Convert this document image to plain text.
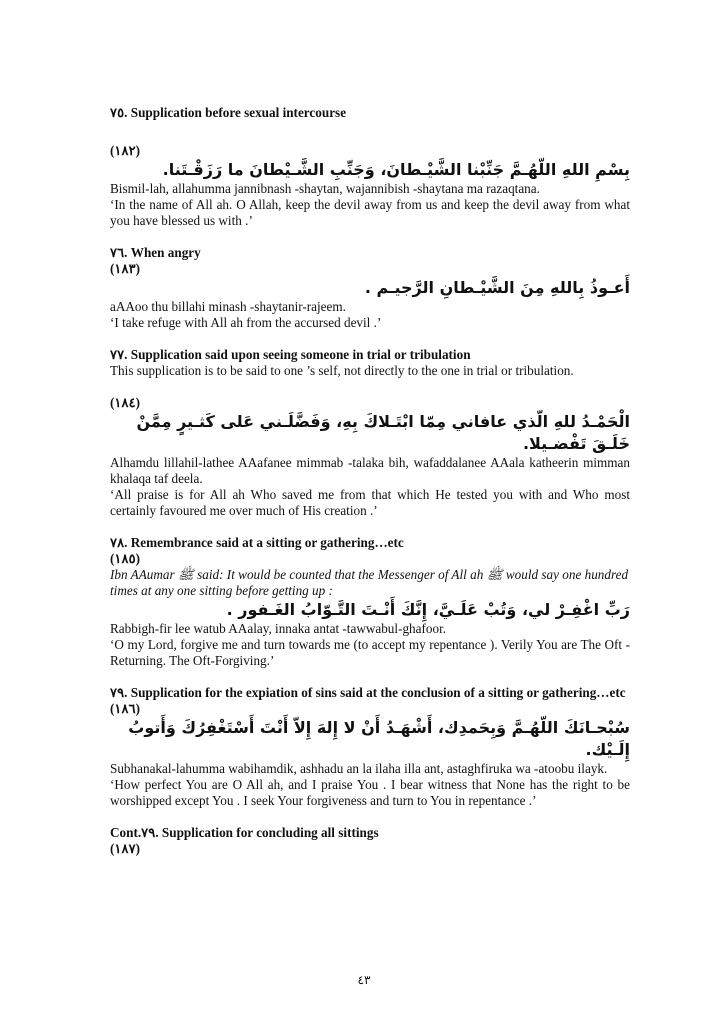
٧٥. Supplication before sexual intercourse

(١٨٢)

بِسْمِ اللهِ اللّهُـمَّ جَنِّبْنا الشَّيْـطانَ، وَجَنِّبِ الشَّـيْطانَ ما رَزَقْـتَنا.

Bismil-lah, allahumma jannibnash -shaytan, wajannibish -shaytana ma razaqtana.

‘In the name of All ah. O Allah, keep the devil away from us and keep the devil away from what you have blessed us with .’

٧٦. When angry

(١٨٣)

أَعـوذُ بِاللهِ مِنَ الشَّيْـطانِ الرَّجيـم .

aAAoo thu billahi minash -shaytanir-rajeem.

‘I take refuge with All ah from the accursed devil .’

٧٧. Supplication said upon seeing someone in trial or tribulation

This supplication is to be said to one ’s self, not directly to the one in trial or tribulation.

(١٨٤)

الْحَمْـدُ للهِ الّذي عافاني مِمّا ابْتَـلاكَ بِهِ، وَفَضَّلَـني عَلى كَثـيرٍ مِمَّنْ خَلَـقَ تَفْضـيلا.

Alhamdu lillahil-lathee AAafanee mimmab -talaka bih, wafaddalanee AAala katheerin mimman khalaqa taf deela.

‘All praise is for All ah Who saved me from that which He tested you with and Who most certainly favoured me over much of His creation .’

٧٨. Remembrance said at a sitting or gathering…etc

(١٨٥)

Ibn AAumar ﷺ said: It would be counted that the Messenger of All ah ﷺ would say one hundred times at any one sitting before getting up :

رَبِّ اغْفِـرْ لي، وَتُبْ عَلَـيَّ، إِنَّكَ أَنْـتَ التَّـوّابُ الغَـفور .

Rabbigh-fir lee watub AAalay, innaka antat -tawwabul-ghafoor.

‘O my Lord, forgive me and turn towards me (to accept my repentance ). Verily You are The Oft -Returning. The Oft-Forgiving.’

٧٩. Supplication for the expiation of sins said at the conclusion of a sitting or gathering…etc

(١٨٦)

سُبْحـانَكَ اللّهُـمَّ وَبِحَمدِك، أَشْهَـدُ أَنْ لا إِلهَ إِلاّ أَنْتَ أَسْتَغْفِرُكَ وَأَتوبُ إِلَـيْك.

Subhanakal-lahumma wabihamdik, ashhadu an la ilaha illa ant, astaghfiruka wa -atoobu ilayk.

‘How perfect You are O All ah, and I praise You . I bear witness that None has the right to be worshipped except You . I seek Your forgiveness and turn to You in repentance .’

Cont.٧٩. Supplication for concluding all sittings

(١٨٧)

٤٣
